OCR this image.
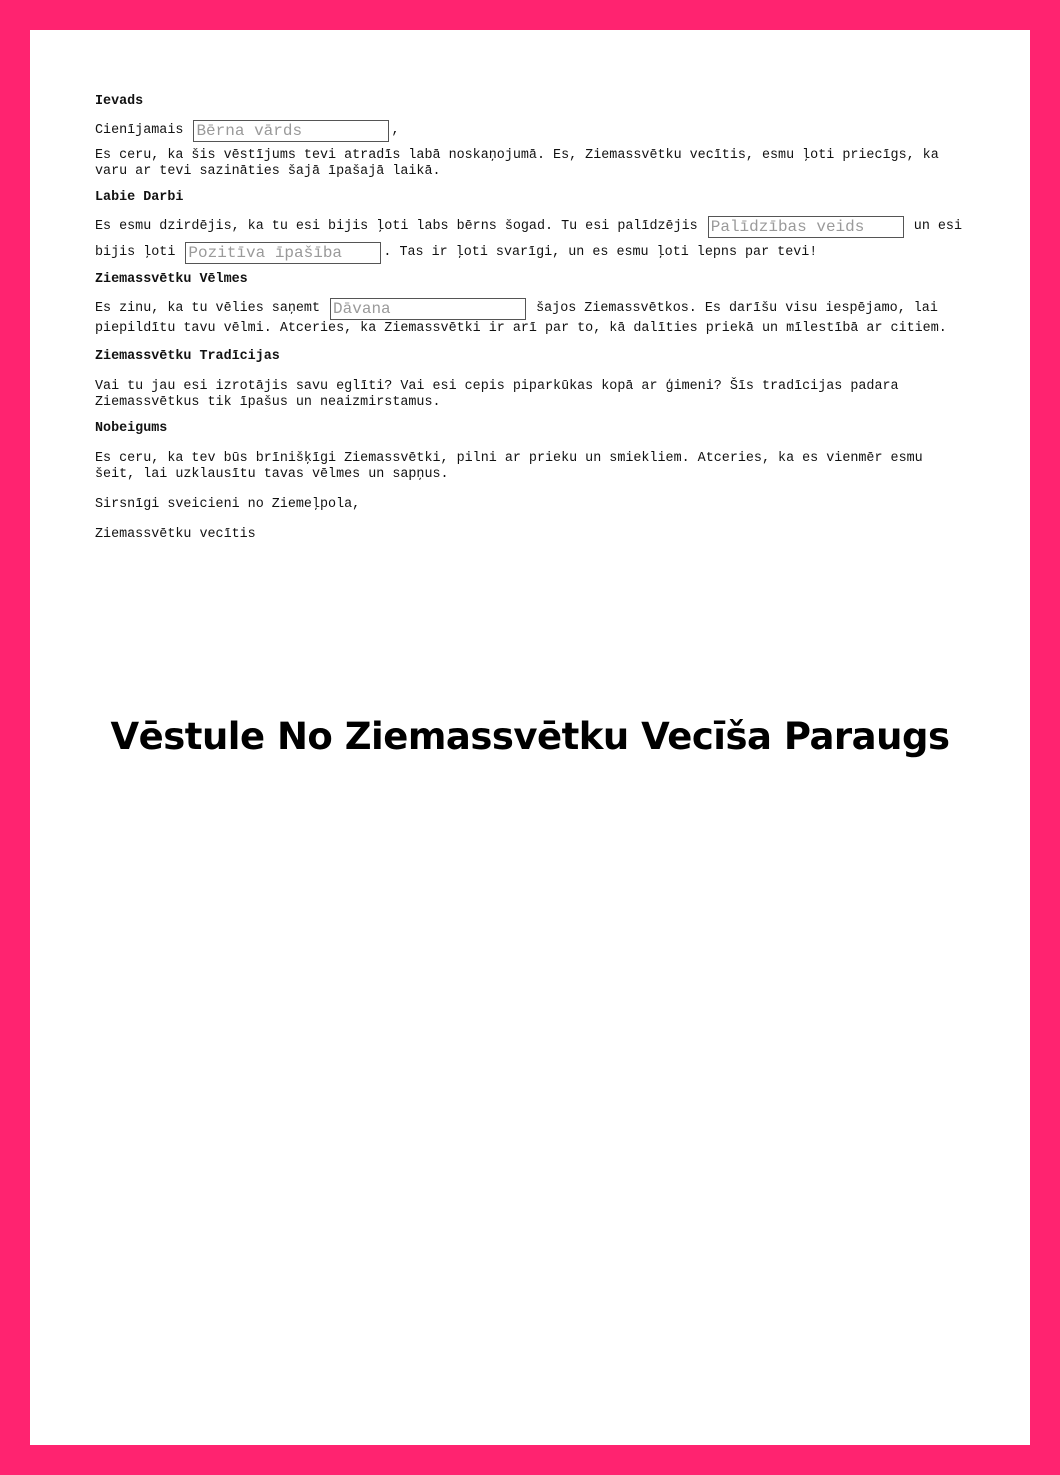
Ievads
Cienījamais Bērna vārds	,
Es ceru, ka šis vēstījums tevi atradīs labā noskaņojumā. Es, Ziemassvētku vecītis, esmu ļoti priecīgs, ka varu ar tevi sazināties šajā īpašajā laikā.
Labie Darbi
Es esmu dzirdējis, ka tu esi bijis ļoti labs bērns šogad. Tu esi palīdzējis Palīdzības veids	un esi bijis ļoti Pozitīva īpašība	. Tas ir ļoti svarīgi, un es esmu ļoti lepns par tevi!
Ziemassvētku Vēlmes
Es zinu, ka tu vēlies saņemt Dāvana	šajos Ziemassvētkos. Es darīšu visu iespējamo, lai piepildītu tavu vēlmi. Atceries, ka Ziemassvētki ir arī par to, kā dalīties priekā un mīlestībā ar citiem.
Ziemassvētku Tradīcijas
Vai tu jau esi izrotājis savu eglīti? Vai esi cepis piparkūkas kopā ar ģimeni? Šīs tradīcijas padara Ziemassvētkus tik īpašus un neaizmirstamus.
Nobeigums
Es ceru, ka tev būs brīnišķīgi Ziemassvētki, pilni ar prieku un smiekliem. Atceries, ka es vienmēr esmu šeit, lai uzklausītu tavas vēlmes un sapņus.
Sirsnīgi sveicieni no Ziemeļpola,
Ziemassvētku vecītis
Vēstule No Ziemassvētku Vecīša Paraugs
